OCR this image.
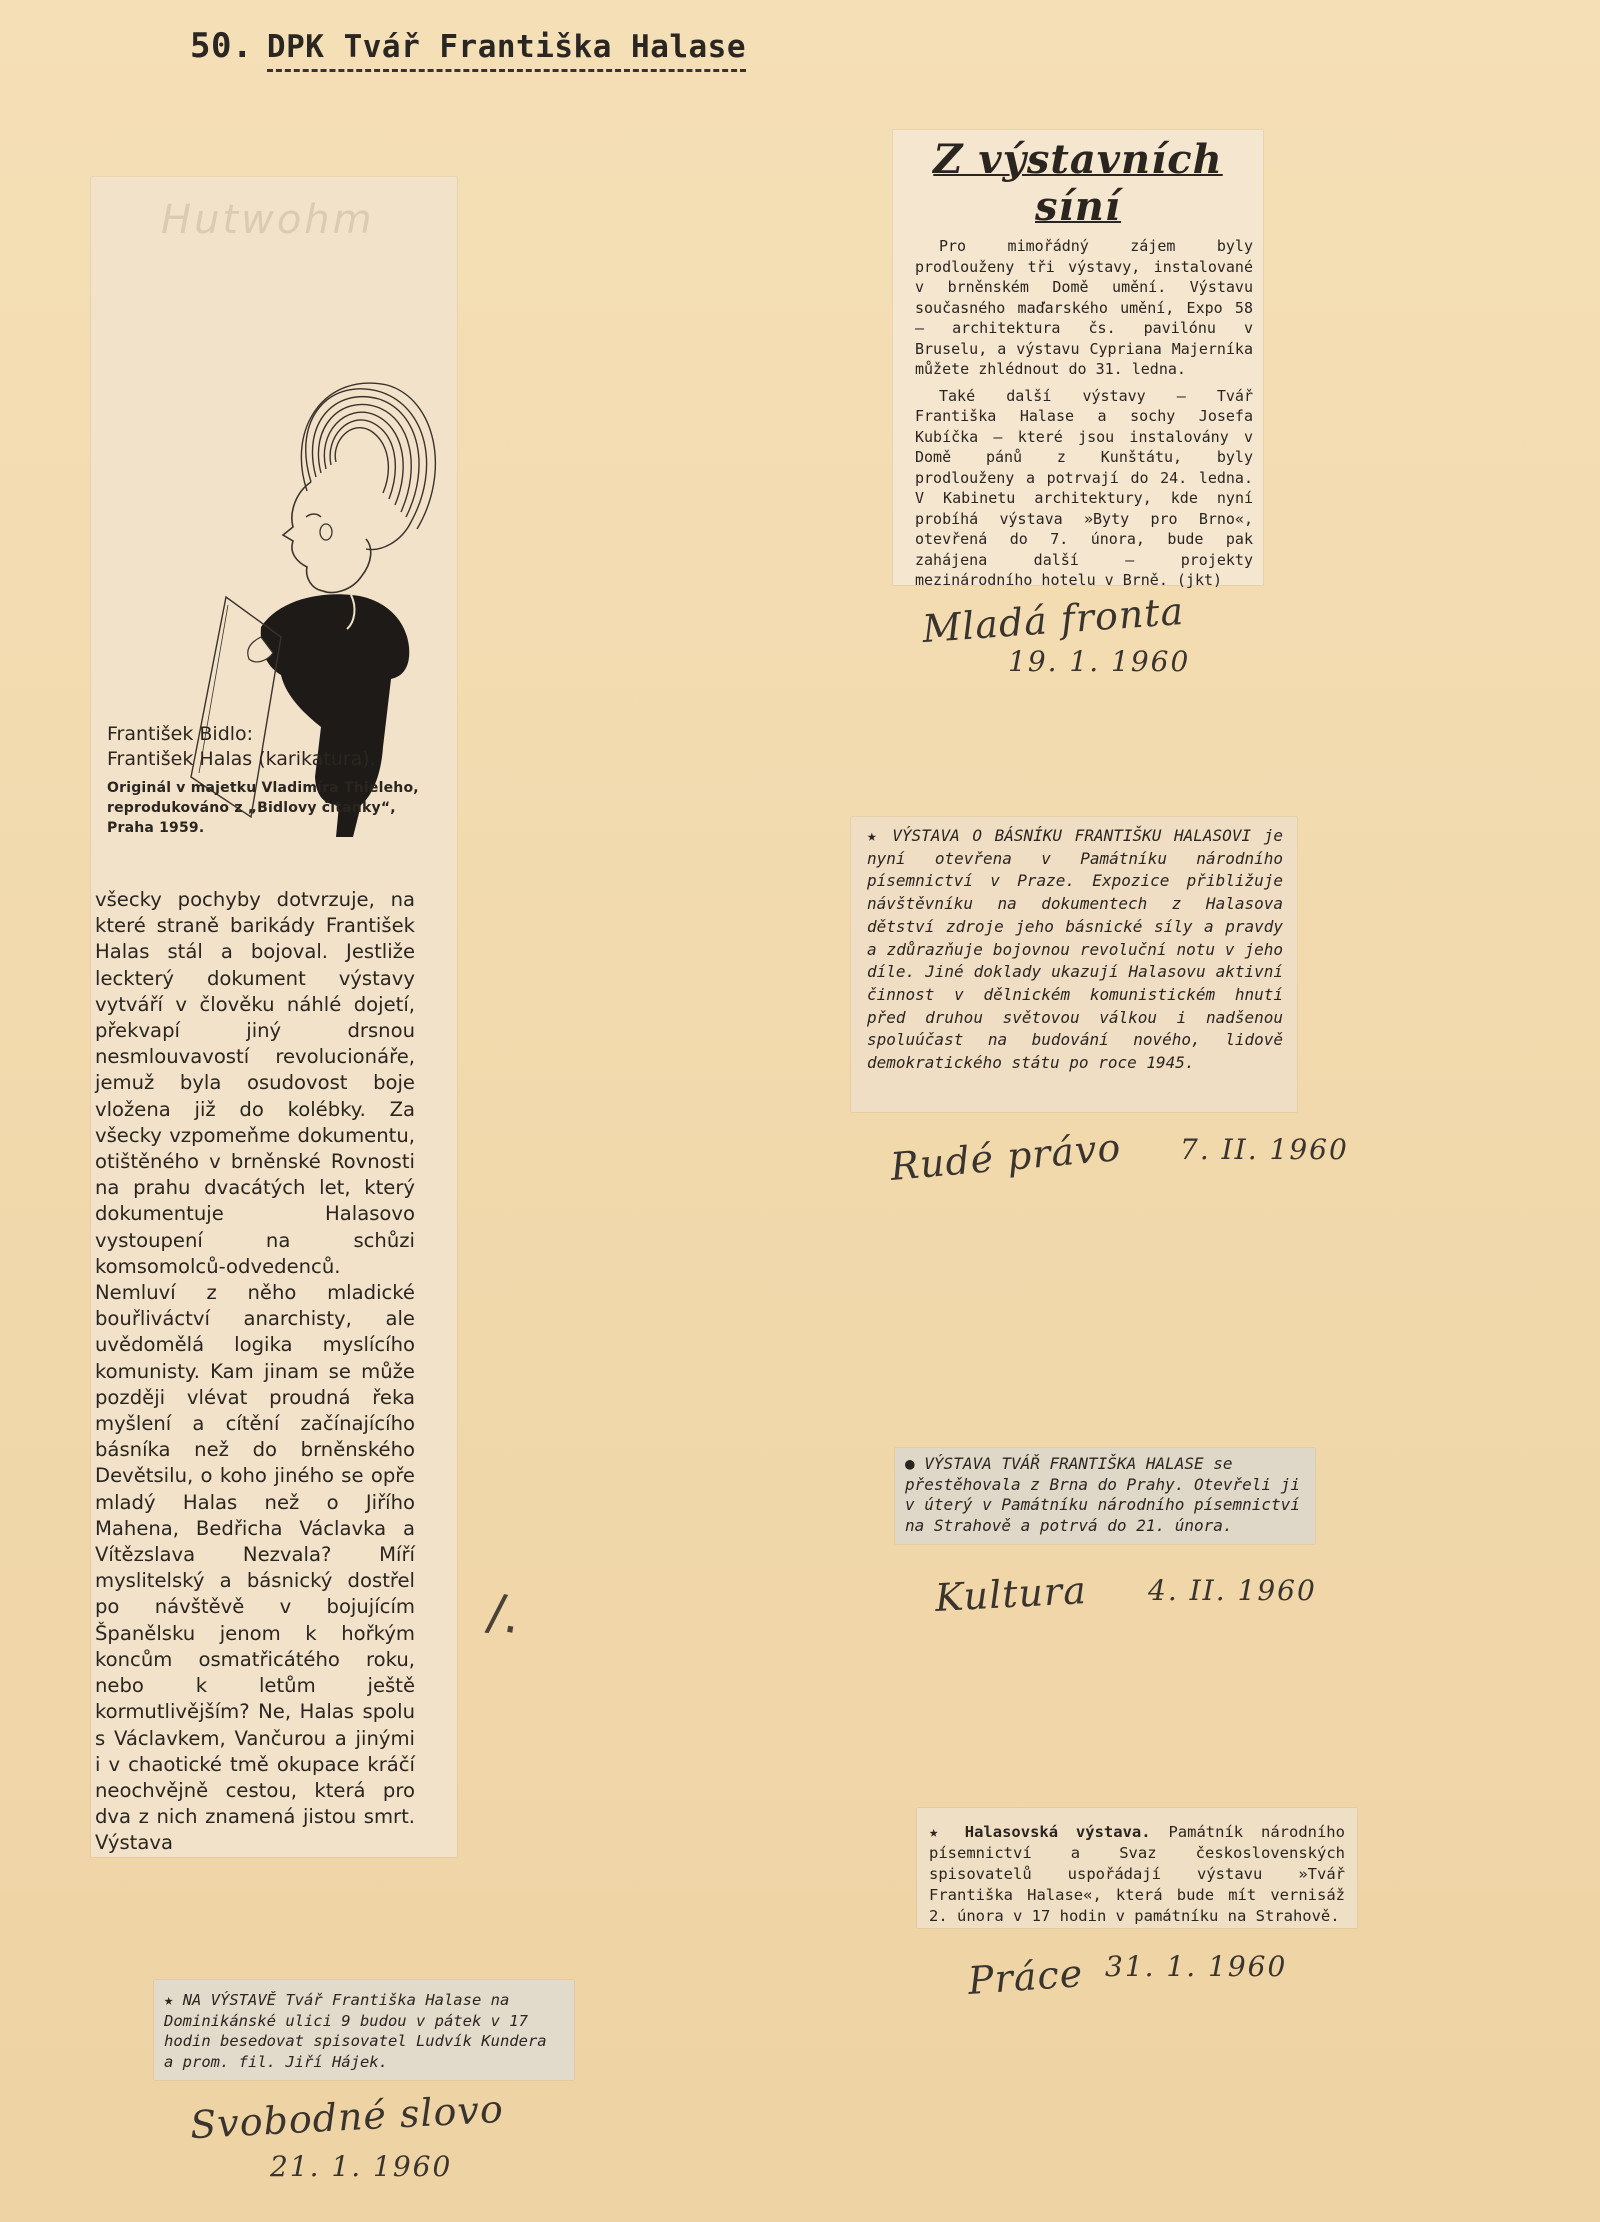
50. DPK Tvář Františka Halase
Hutwohm
František Bidlo:
František Halas (karikatura).
Originál v majetku Vladimíra Thieleho, reprodukováno z „Bidlovy čítanky“, Praha 1959.
všecky pochyby dotvrzuje, na které straně barikády František Halas stál a bojoval. Jestliže leckterý dokument výstavy vytváří v člověku náhlé dojetí, překvapí jiný drsnou nesmlouvavostí revolucionáře, jemuž byla osudovost boje vložena již do kolébky. Za všecky vzpomeňme dokumentu, otištěného v brněnské Rovnosti na prahu dvacátých let, který dokumentuje Halasovo vystoupení na schůzi komsomolců-odvedenců. Nemluví z něho mladické bouřliváctví anarchisty, ale uvědomělá logika myslícího komunisty. Kam jinam se může později vlévat proudná řeka myšlení a cítění začínajícího básníka než do brněnského Devětsilu, o koho jiného se opře mladý Halas než o Jiřího Mahena, Bedřicha Václavka a Vítězslava Nezvala? Míří myslitelský a básnický dostřel po návštěvě v bojujícím Španělsku jenom k hořkým koncům osmatřicátého roku, nebo k letům ještě kormutlivějším? Ne, Halas spolu s Václavkem, Vančurou a jinými i v chaotické tmě okupace kráčí neochvějně cestou, která pro dva z nich znamená jistou smrt. Výstava
/.
Z výstavních síní

Pro mimořádný zájem byly prodlouženy tři výstavy, instalované v brněnském Domě umění. Výstavu současného maďarského umění, Expo 58 — architektura čs. pavilónu v Bruselu, a výstavu Cypriana Majerníka můžete zhlédnout do 31. ledna.

Také další výstavy — Tvář Františka Halase a sochy Josefa Kubíčka — které jsou instalovány v Domě pánů z Kunštátu, byly prodlouženy a potrvají do 24. ledna. V Kabinetu architektury, kde nyní probíhá výstava »Byty pro Brno«, otevřená do 7. února, bude pak zahájena další — projekty mezinárodního hotelu v Brně. (jkt)

Mladá fronta
19. 1. 1960
★ VÝSTAVA O BÁSNÍKU FRANTIŠKU HALASOVI je nyní otevřena v Památníku národního písemnictví v Praze. Expozice přibližuje návštěvníku na dokumentech z Halasova dětství zdroje jeho básnické síly a pravdy a zdůrazňuje bojovnou revoluční notu v jeho díle. Jiné doklady ukazují Halasovu aktivní činnost v dělnickém komunistickém hnutí před druhou světovou válkou i nadšenou spoluúčast na budování nového, lidově demokratického státu po roce 1945.
Rudé právo 7. II. 1960
● VÝSTAVA TVÁŘ FRANTIŠKA HALASE se přestěhovala z Brna do Prahy. Otevřeli ji v úterý v Památníku národního písemnictví na Strahově a potrvá do 21. února.
Kultura 4. II. 1960
★ Halasovská výstava. Památník národního písemnictví a Svaz československých spisovatelů uspořádají výstavu »Tvář Františka Halase«, která bude mít vernisáž 2. února v 17 hodin v památníku na Strahově.
Práce 31. 1. 1960
★ NA VÝSTAVĚ Tvář Františka Halase na Dominikánské ulici 9 budou v pátek v 17 hodin besedovat spisovatel Ludvík Kundera a prom. fil. Jiří Hájek.
Svobodné slovo
21. 1. 1960
